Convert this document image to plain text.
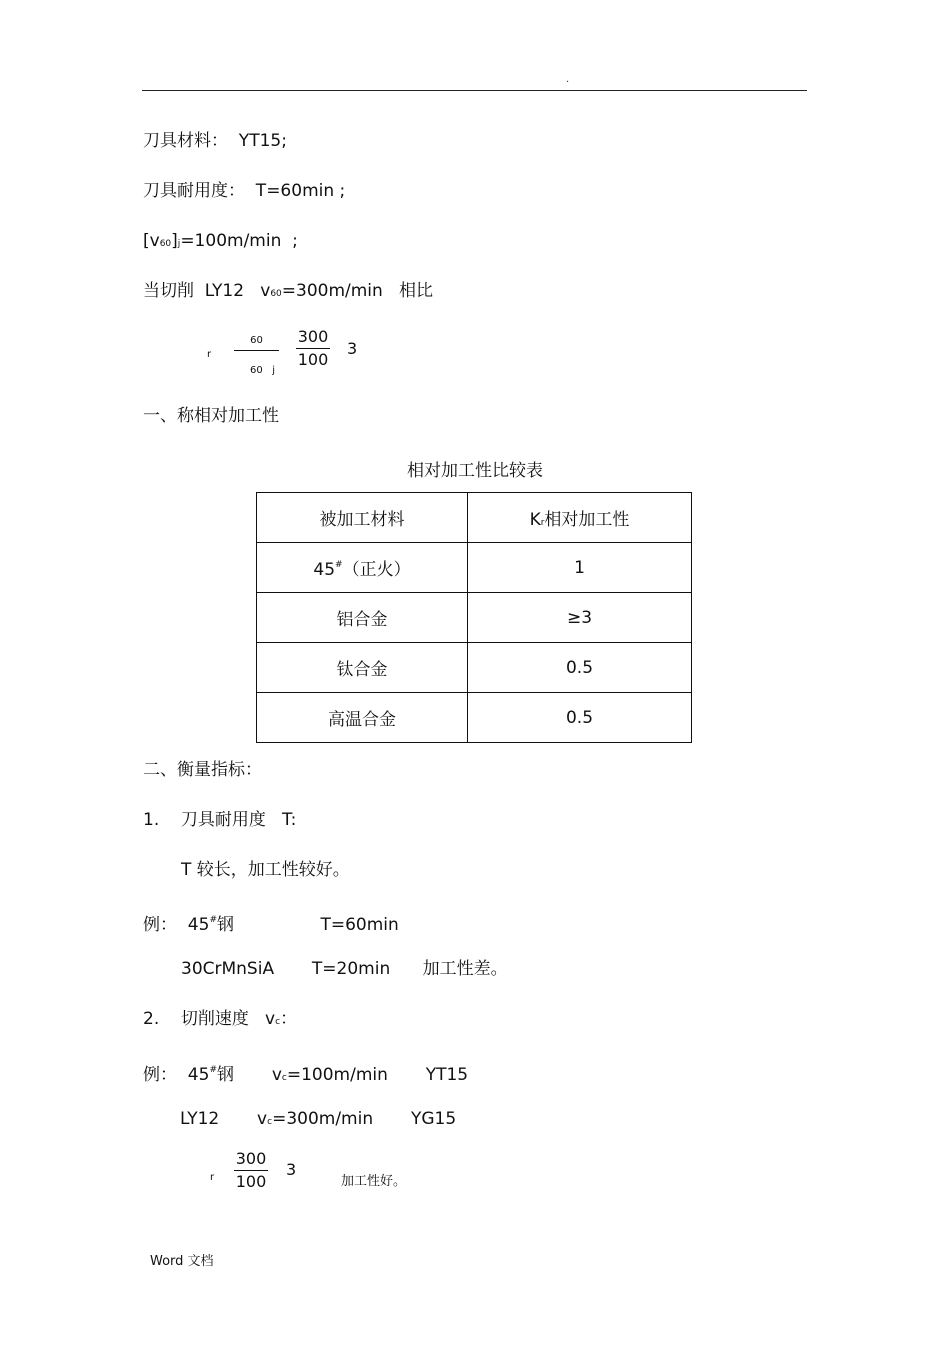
.
刀具材料：  YT15;
刀具耐用度：  T=60min ;
[v60]j=100m/min  ;
当切削  LY12   v60=300m/min   相比
r
60
60   j
300
100
3
一、称相对加工性
相对加工性比较表
被加工材料	Kr相对加工性
45#（正火）	1
铝合金	≥3
钛合金	0.5
高温合金	0.5
二、衡量指标：
1.    刀具耐用度   T:
T 较长，加工性较好。
例：  45#钢                T=60min
30CrMnSiA       T=20min      加工性差。
2.    切削速度   vc：
例：  45#钢       vc=100m/min       YT15
LY12       vc=300m/min       YG15
r
300
100
3
加工性好。
Word 文档
